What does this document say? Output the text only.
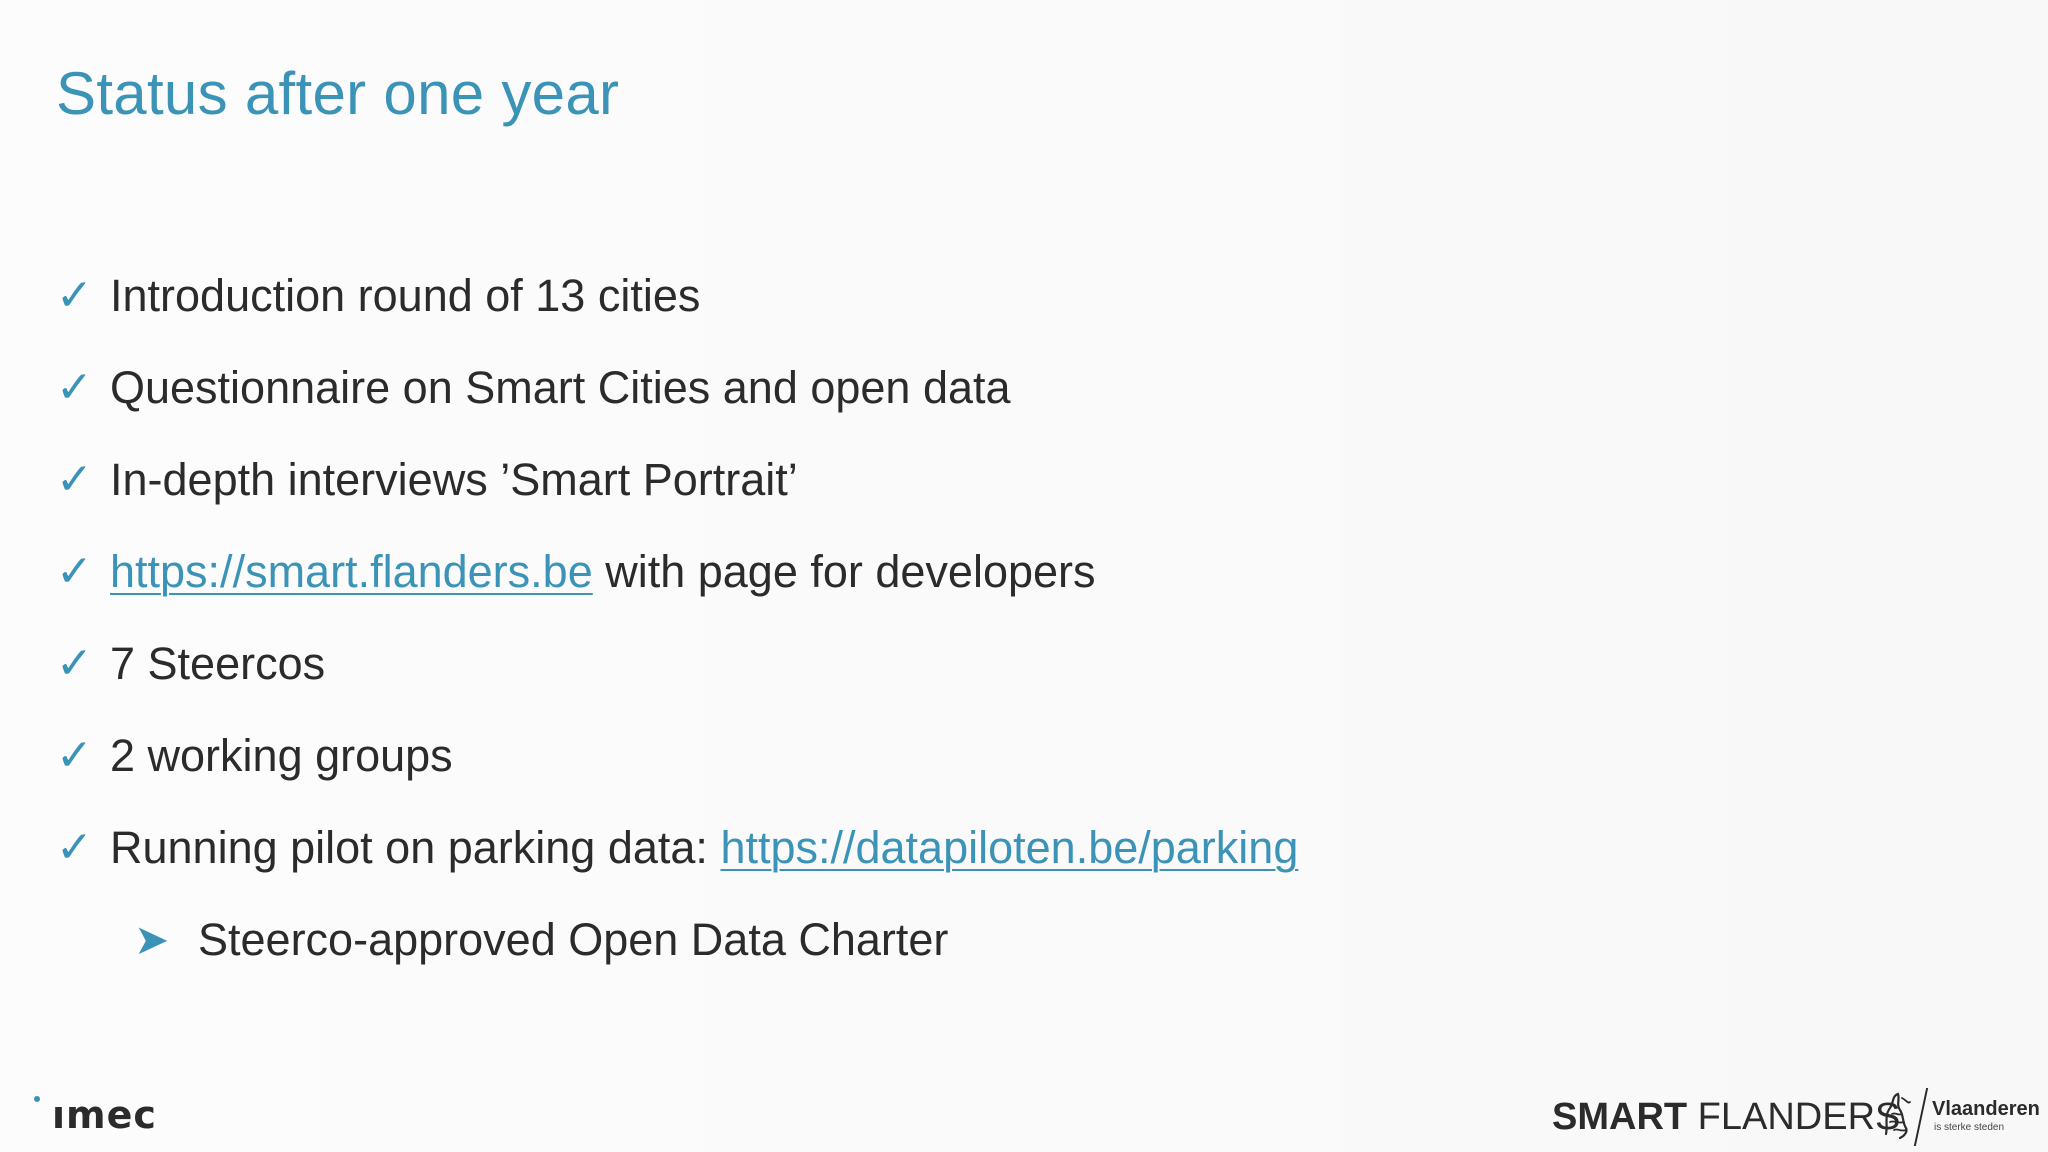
Status after one year
✓ Introduction round of 13 cities
✓ Questionnaire on Smart Cities and open data
✓ In-depth interviews ’Smart Portrait’
✓ https://smart.flanders.be with page for developers
✓ 7 Steercos
✓ 2 working groups
✓ Running pilot on parking data: https://datapiloten.be/parking
➤ Steerco-approved Open Data Charter
ımec	SMART FLANDERS Vlaanderen
is sterke steden
